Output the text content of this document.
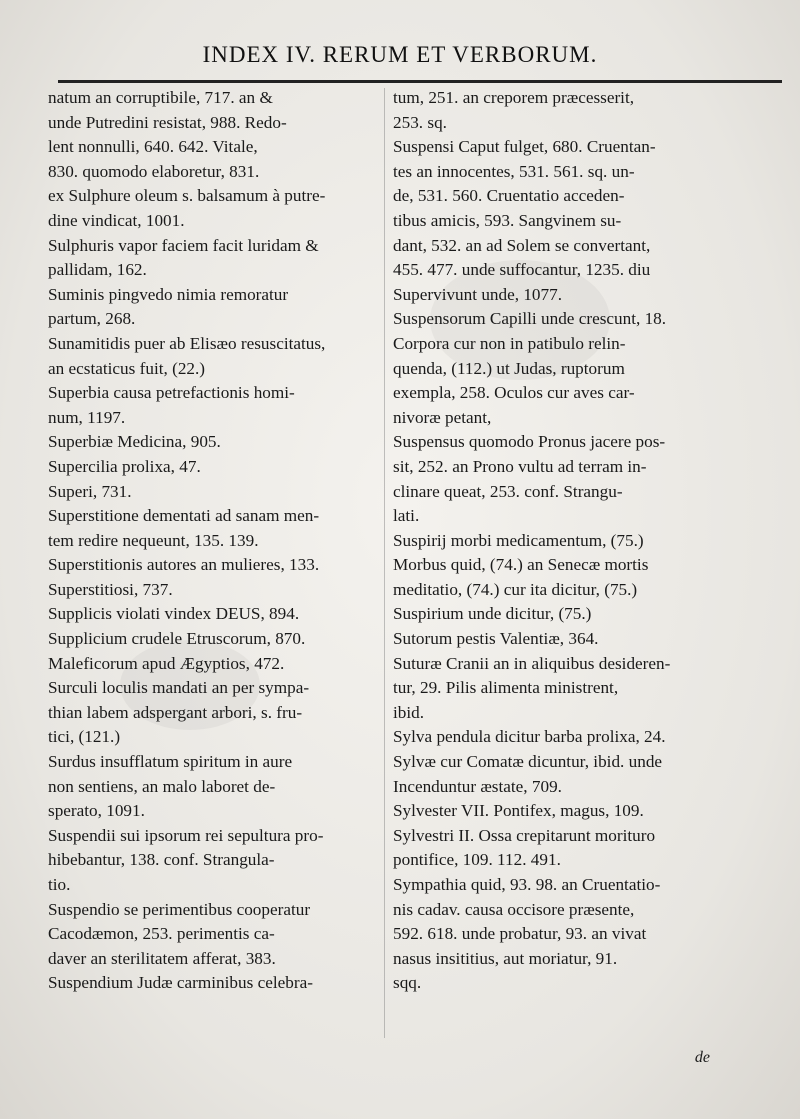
INDEX IV. RERUM ET VERBORUM.
natum an corruptibile, 717. an &
unde Putredini resistat, 988. Redo-
lent nonnulli, 640. 642. Vitale,
830. quomodo elaboretur, 831.
ex Sulphure oleum s. balsamum à putre-
dine vindicat, 1001.
Sulphuris vapor faciem facit luridam &
pallidam, 162.
Suminis pingvedo nimia remoratur
partum, 268.
Sunamitidis puer ab Elisæo resuscitatus,
an ecstaticus fuit, (22.)
Superbia causa petrefactionis homi-
num, 1197.
Superbiæ Medicina, 905.
Supercilia prolixa, 47.
Superi, 731.
Superstitione dementati ad sanam men-
tem redire nequeunt, 135. 139.
Superstitionis autores an mulieres, 133.
Superstitiosi, 737.
Supplicis violati vindex DEUS, 894.
Supplicium crudele Etruscorum, 870.
Maleficorum apud Ægyptios, 472.
Surculi loculis mandati an per sympa-
thian labem adspergant arbori, s. fru-
tici, (121.)
Surdus insufflatum spiritum in aure
non sentiens, an malo laboret de-
sperato, 1091.
Suspendii sui ipsorum rei sepultura pro-
hibebantur, 138. conf. Strangula-
tio.
Suspendio se perimentibus cooperatur
Cacodæmon, 253. perimentis ca-
daver an sterilitatem afferat, 383.
Suspendium Judæ carminibus celebra-
tum, 251. an creporem præcesserit,
253. sq.
Suspensi Caput fulget, 680. Cruentan-
tes an innocentes, 531. 561. sq. un-
de, 531. 560. Cruentatio acceden-
tibus amicis, 593. Sangvinem su-
dant, 532. an ad Solem se convertant,
455. 477. unde suffocantur, 1235. diu
Supervivunt unde, 1077.
Suspensorum Capilli unde crescunt, 18.
Corpora cur non in patibulo relin-
quenda, (112.) ut Judas, ruptorum
exempla, 258. Oculos cur aves car-
nivoræ petant,
Suspensus quomodo Pronus jacere pos-
sit, 252. an Prono vultu ad terram in-
clinare queat, 253. conf. Strangu-
lati.
Suspirij morbi medicamentum, (75.)
Morbus quid, (74.) an Senecæ mortis
meditatio, (74.) cur ita dicitur, (75.)
Suspirium unde dicitur, (75.)
Sutorum pestis Valentiæ, 364.
Suturæ Cranii an in aliquibus desideren-
tur, 29. Pilis alimenta ministrent,
ibid.
Sylva pendula dicitur barba prolixa, 24.
Sylvæ cur Comatæ dicuntur, ibid. unde
Incenduntur æstate, 709.
Sylvester VII. Pontifex, magus, 109.
Sylvestri II. Ossa crepitarunt morituro
pontifice, 109. 112. 491.
Sympathia quid, 93. 98. an Cruentatio-
nis cadav. causa occisore præsente,
592. 618. unde probatur, 93. an vivat
nasus insititius, aut moriatur, 91.
sqq.
de
